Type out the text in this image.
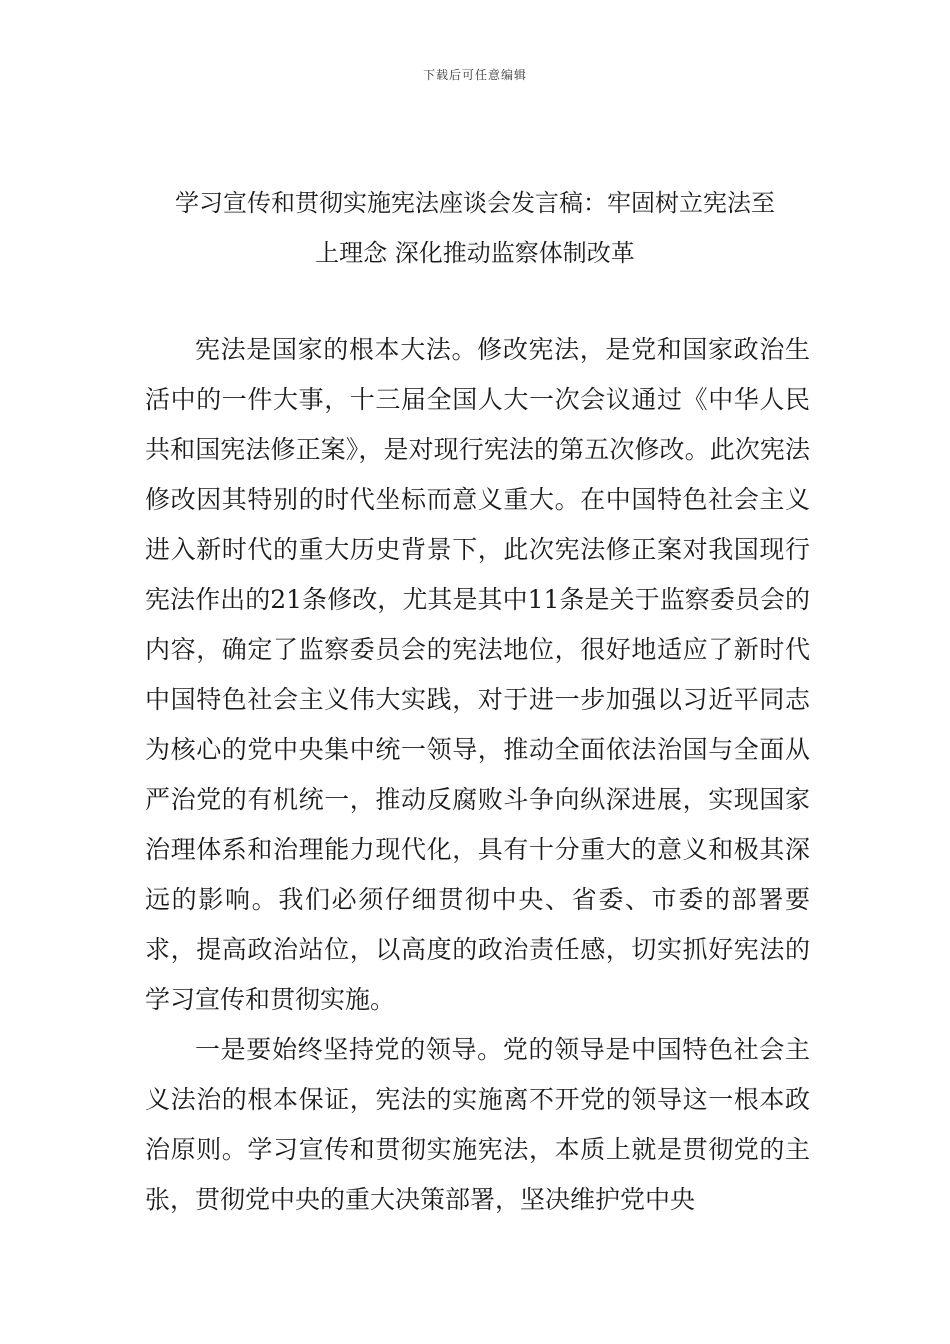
下载后可任意编辑
学习宣传和贯彻实施宪法座谈会发言稿：牢固树立宪法至
上理念 深化推动监察体制改革

宪法是国家的根本大法。修改宪法，是党和国家政治生活中的一件大事，十三届全国人大一次会议通过《中华人民共和国宪法修正案》，是对现行宪法的第五次修改。此次宪法修改因其特别的时代坐标而意义重大。在中国特色社会主义进入新时代的重大历史背景下，此次宪法修正案对我国现行宪法作出的21条修改，尤其是其中11条是关于监察委员会的内容，确定了监察委员会的宪法地位，很好地适应了新时代中国特色社会主义伟大实践，对于进一步加强以习近平同志为核心的党中央集中统一领导，推动全面依法治国与全面从严治党的有机统一，推动反腐败斗争向纵深进展，实现国家治理体系和治理能力现代化，具有十分重大的意义和极其深远的影响。我们必须仔细贯彻中央、省委、市委的部署要求，提高政治站位，以高度的政治责任感，切实抓好宪法的学习宣传和贯彻实施。

一是要始终坚持党的领导。党的领导是中国特色社会主义法治的根本保证，宪法的实施离不开党的领导这一根本政治原则。学习宣传和贯彻实施宪法，本质上就是贯彻党的主张，贯彻党中央的重大决策部署，坚决维护党中央
